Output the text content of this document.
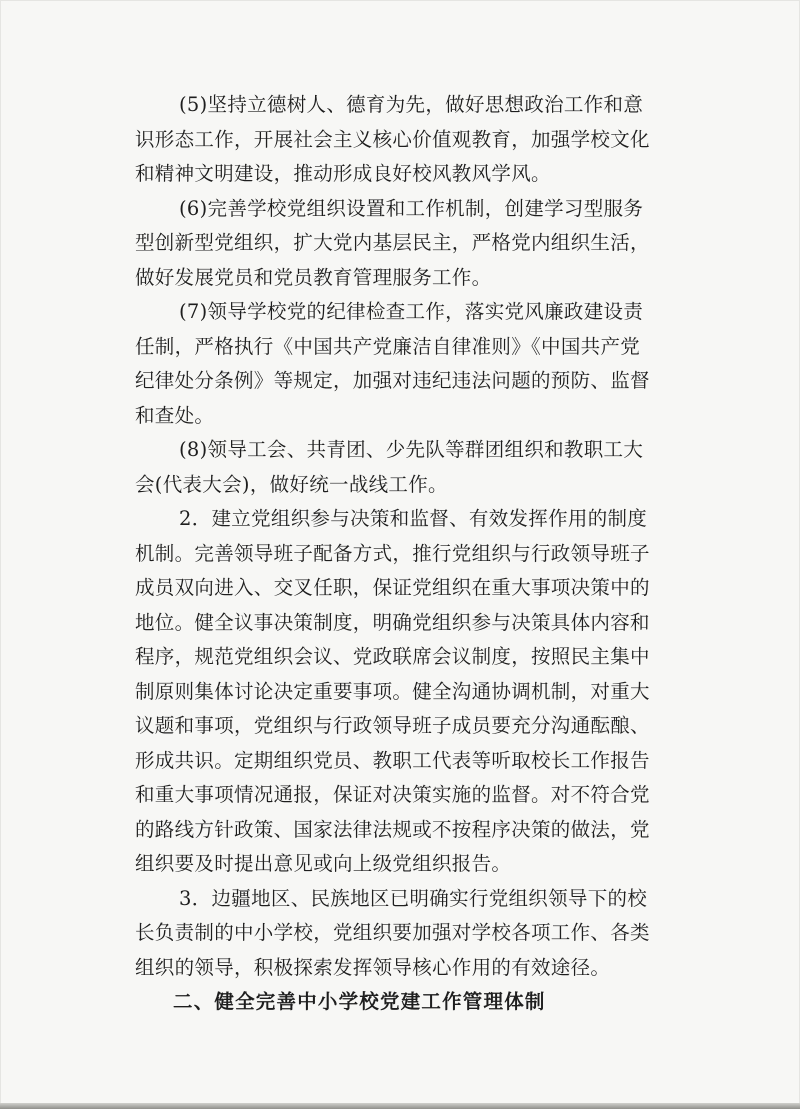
(5)坚持立德树人、德育为先，做好思想政治工作和意
识形态工作，开展社会主义核心价值观教育，加强学校文化
和精神文明建设，推动形成良好校风教风学风。
(6)完善学校党组织设置和工作机制，创建学习型服务
型创新型党组织，扩大党内基层民主，严格党内组织生活，
做好发展党员和党员教育管理服务工作。
(7)领导学校党的纪律检查工作，落实党风廉政建设责
任制，严格执行《中国共产党廉洁自律准则》《中国共产党
纪律处分条例》等规定，加强对违纪违法问题的预防、监督
和查处。
(8)领导工会、共青团、少先队等群团组织和教职工大
会(代表大会)，做好统一战线工作。
2．建立党组织参与决策和监督、有效发挥作用的制度
机制。完善领导班子配备方式，推行党组织与行政领导班子
成员双向进入、交叉任职，保证党组织在重大事项决策中的
地位。健全议事决策制度，明确党组织参与决策具体内容和
程序，规范党组织会议、党政联席会议制度，按照民主集中
制原则集体讨论决定重要事项。健全沟通协调机制，对重大
议题和事项，党组织与行政领导班子成员要充分沟通酝酿、
形成共识。定期组织党员、教职工代表等听取校长工作报告
和重大事项情况通报，保证对决策实施的监督。对不符合党
的路线方针政策、国家法律法规或不按程序决策的做法，党
组织要及时提出意见或向上级党组织报告。
3．边疆地区、民族地区已明确实行党组织领导下的校
长负责制的中小学校，党组织要加强对学校各项工作、各类
组织的领导，积极探索发挥领导核心作用的有效途径。
二、健全完善中小学校党建工作管理体制
